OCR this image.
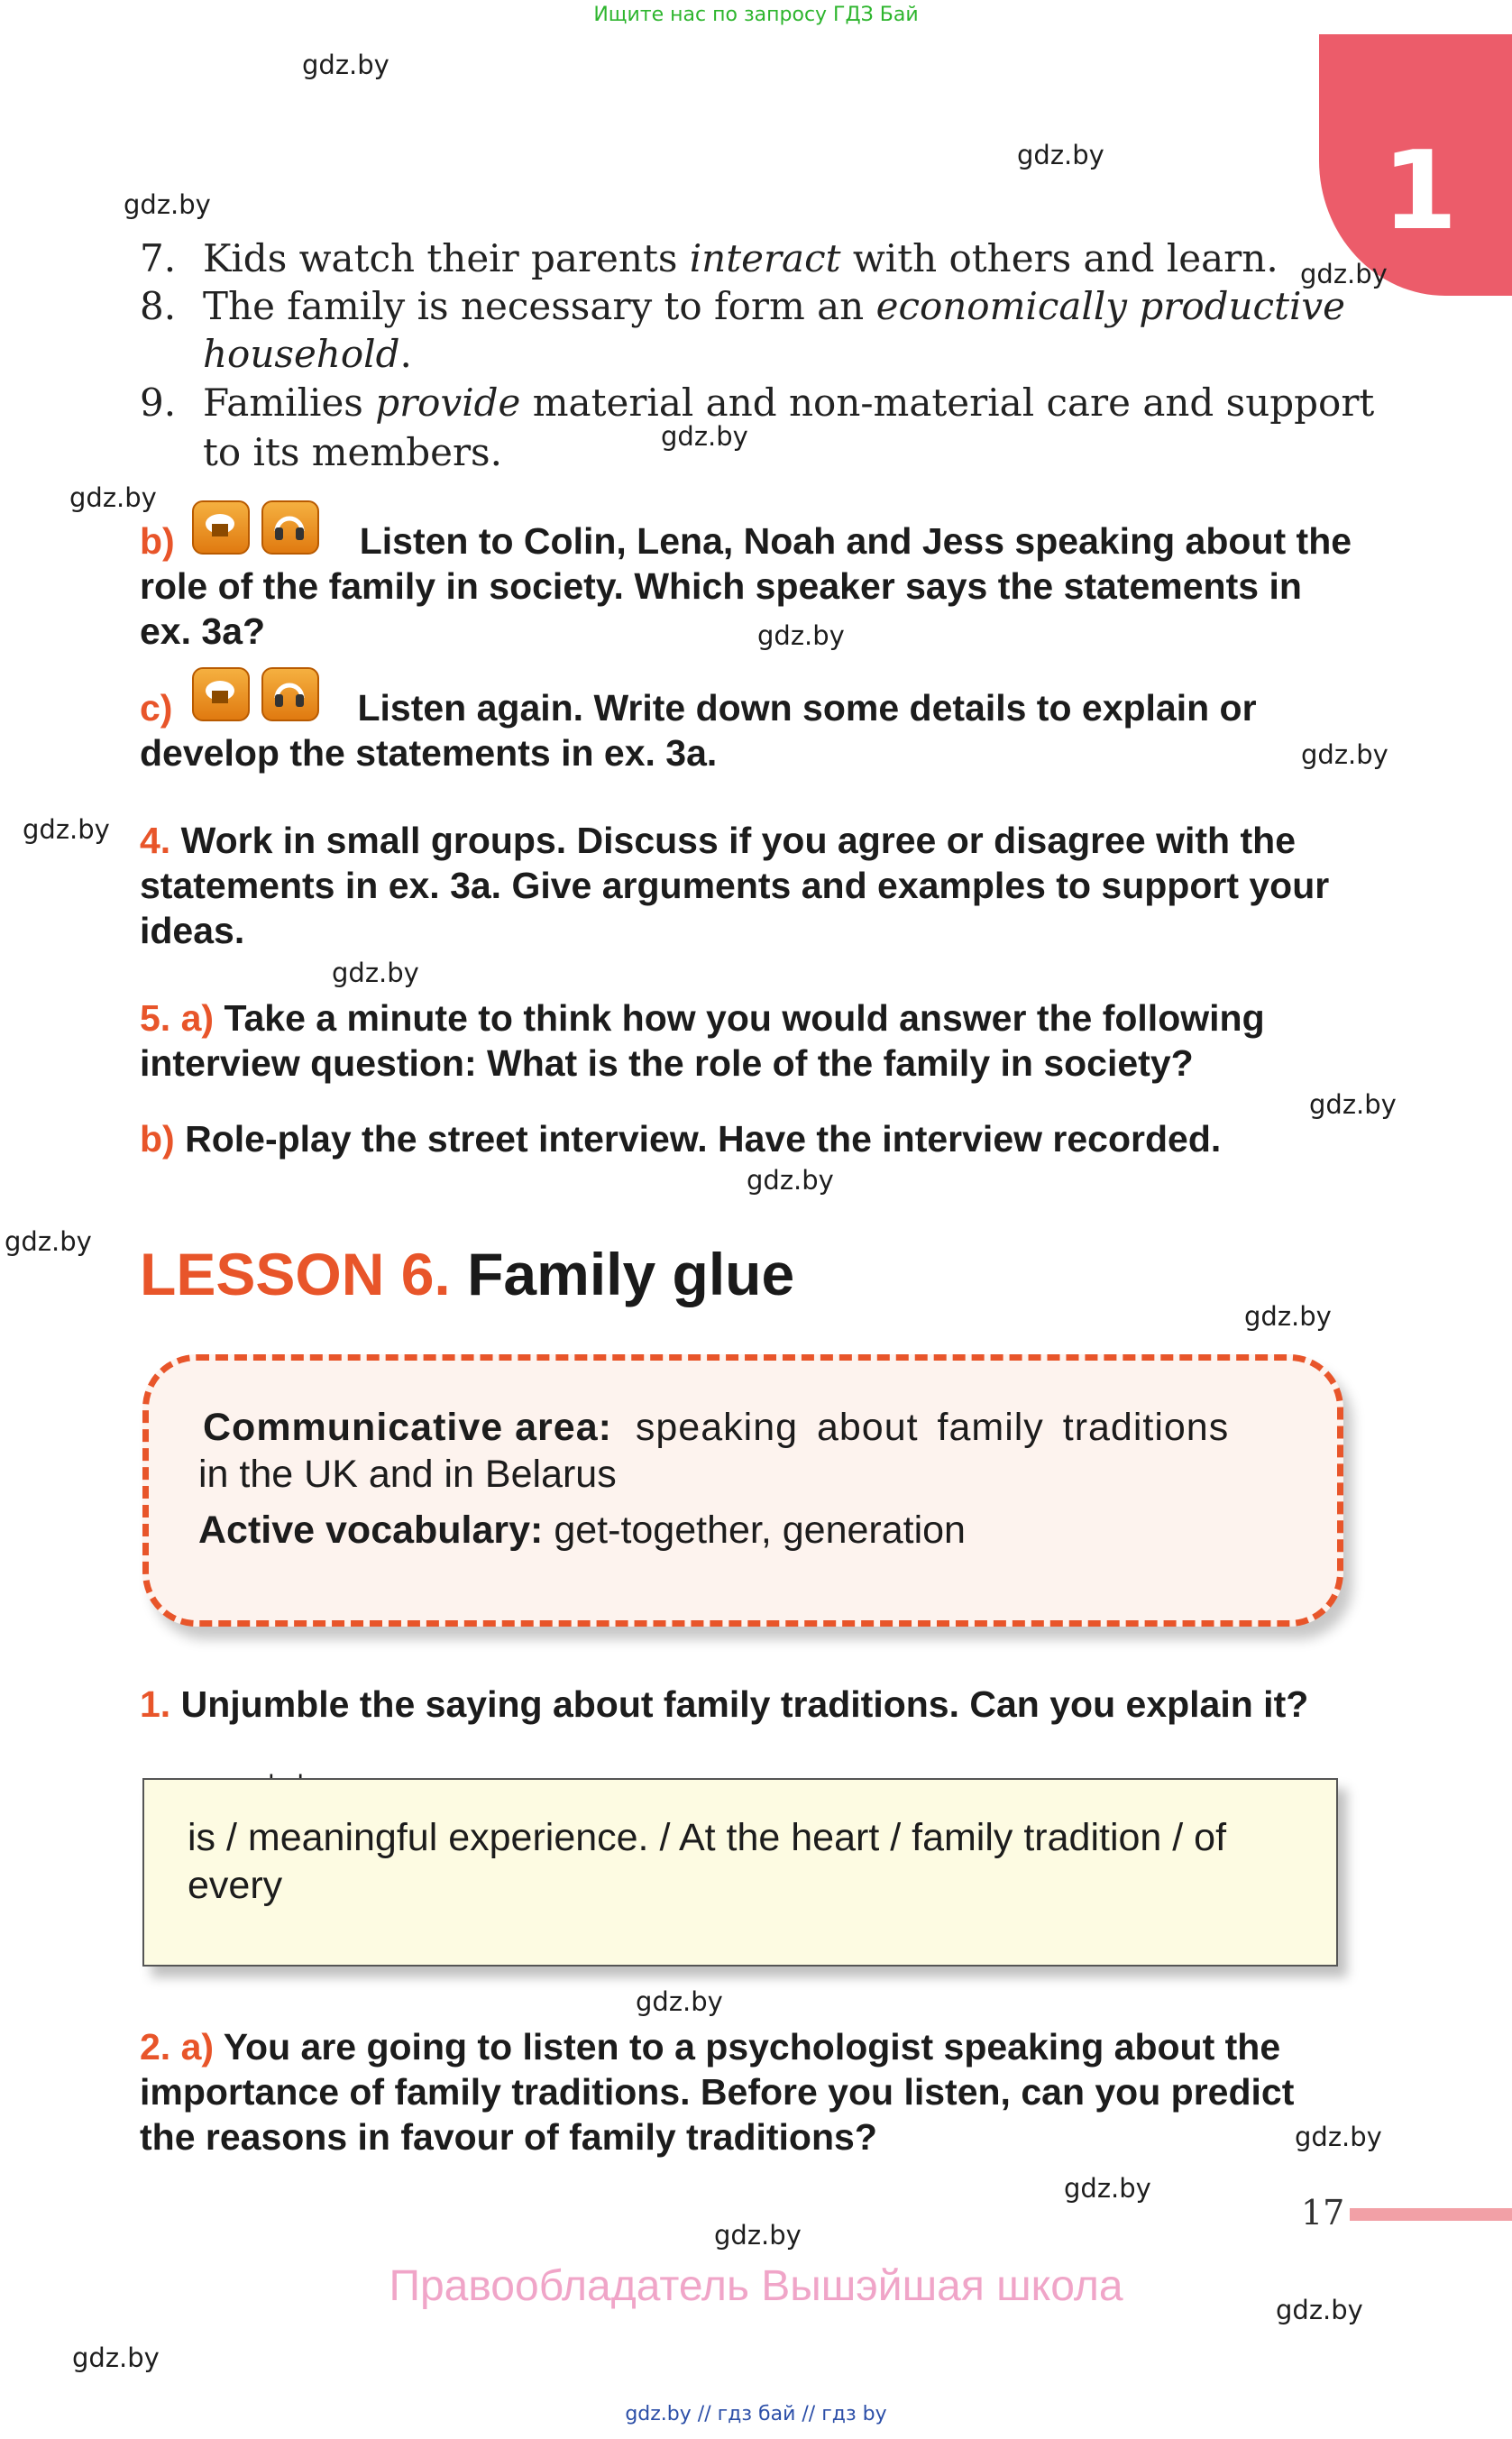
Ищите нас по запросу ГДЗ Бай
1
gdz.by
gdz.by
gdz.by
gdz.by
gdz.by
gdz.by
gdz.by
gdz.by
gdz.by
gdz.by
gdz.by
gdz.by
gdz.by
gdz.by
gdz.by
gdz.by
gdz.by
gdz.by
gdz.by
gdz.by
7. Kids watch their parents interact with others and learn.
8. The family is necessary to form an economically productive
household.
9. Families provide material and non-material care and support
to its members.
b)	Listen to Colin, Lena, Noah and Jess speaking about the
role of the family in society. Which speaker says the statements in
ex. 3a?
c)	Listen again. Write down some details to explain or
develop the statements in ex. 3a.
4. Work in small groups. Discuss if you agree or disagree with the
statements in ex. 3a. Give arguments and examples to support your
ideas.
5. a) Take a minute to think how you would answer the following
interview question: What is the role of the family in society?
b) Role-play the street interview. Have the interview recorded.
LESSON 6. Family glue
Communicative area: speaking about family traditions
in the UK and in Belarus
Active vocabulary: get-together, generation
1. Unjumble the saying about family traditions. Can you explain it?
is / meaningful experience. / At the heart / family tradition / of every
2. a) You are going to listen to a psychologist speaking about the
importance of family traditions. Before you listen, can you predict
the reasons in favour of family traditions?
17
Правообладатель Вышэйшая школа
gdz.by // гдз бай // гдз by
